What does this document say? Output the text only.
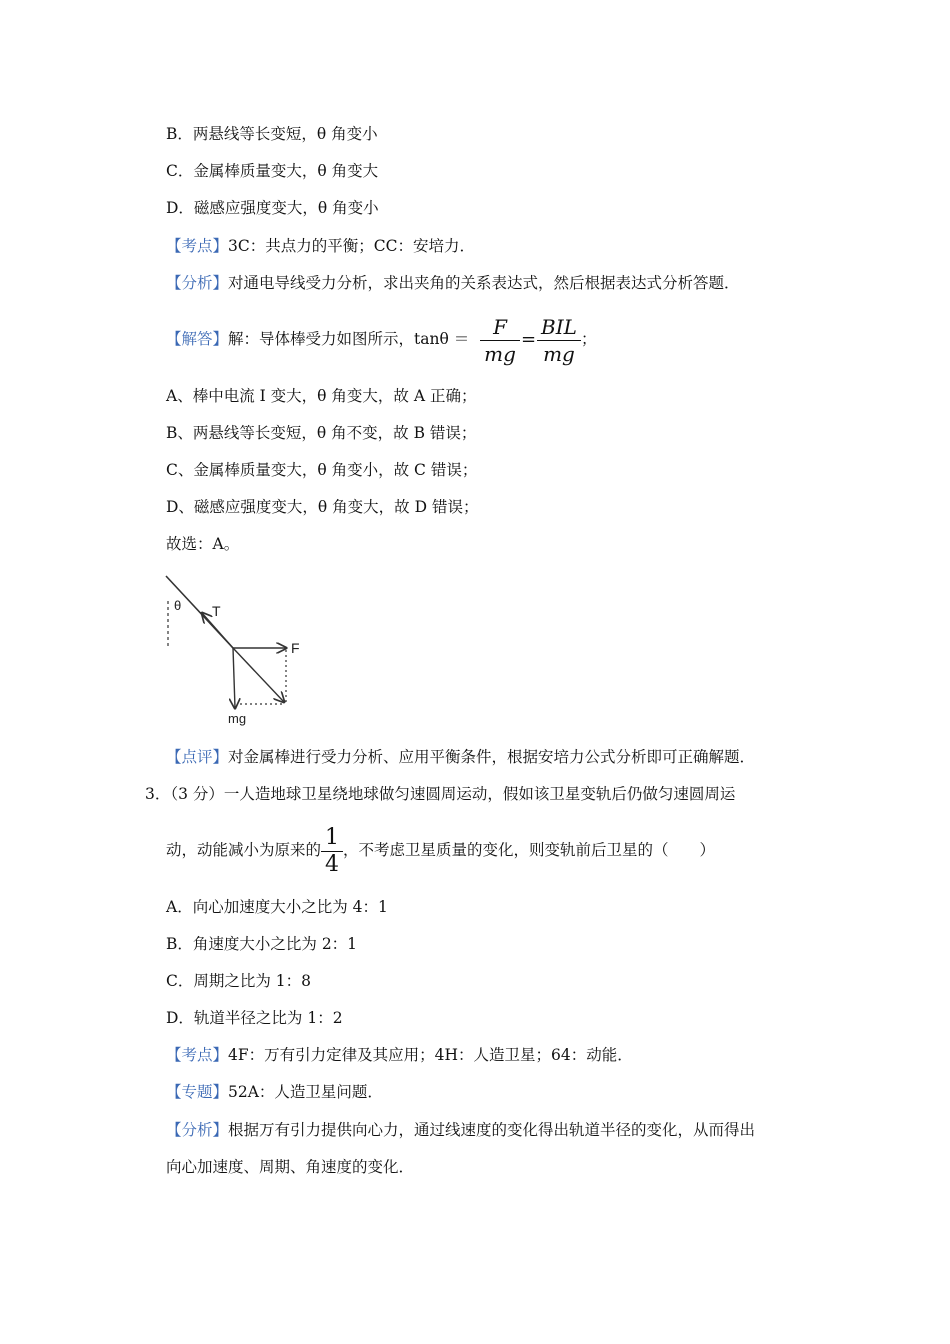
B．两悬线等长变短，θ 角变小
C．金属棒质量变大，θ 角变大
D．磁感应强度变大，θ 角变小
【考点】3C：共点力的平衡；CC：安培力．
【分析】对通电导线受力分析，求出夹角的关系表达式，然后根据表达式分析答题．
【解答】解：导体棒受力如图所示，$\tan\theta = \frac{F}{mg} = \frac{\text{BIL}}{mg}$ ；
A、棒中电流 I 变大，θ 角变大，故 A 正确；
B、两悬线等长变短，θ 角不变，故 B 错误；
C、金属棒质量变大，θ 角变小，故 C 错误；
D、磁感应强度变大，θ 角变大，故 D 错误；
故选：A。
θ T
F
mg
【点评】对金属棒进行受力分析、应用平衡条件，根据安培力公式分析即可正确解题．
3．（3 分）一人造地球卫星绕地球做匀速圆周运动，假如该卫星变轨后仍做匀速圆周运
动，动能减小为原来的 $\frac{1}{4}$ ，不考虑卫星质量的变化，则变轨前后卫星的（　　）
A．向心加速度大小之比为 4：1
B．角速度大小之比为 2：1
C．周期之比为 1：8
D．轨道半径之比为 1：2
【考点】4F：万有引力定律及其应用；4H：人造卫星；64：动能．
【专题】52A：人造卫星问题．
【分析】根据万有引力提供向心力，通过线速度的变化得出轨道半径的变化，从而得出
向心加速度、周期、角速度的变化．
